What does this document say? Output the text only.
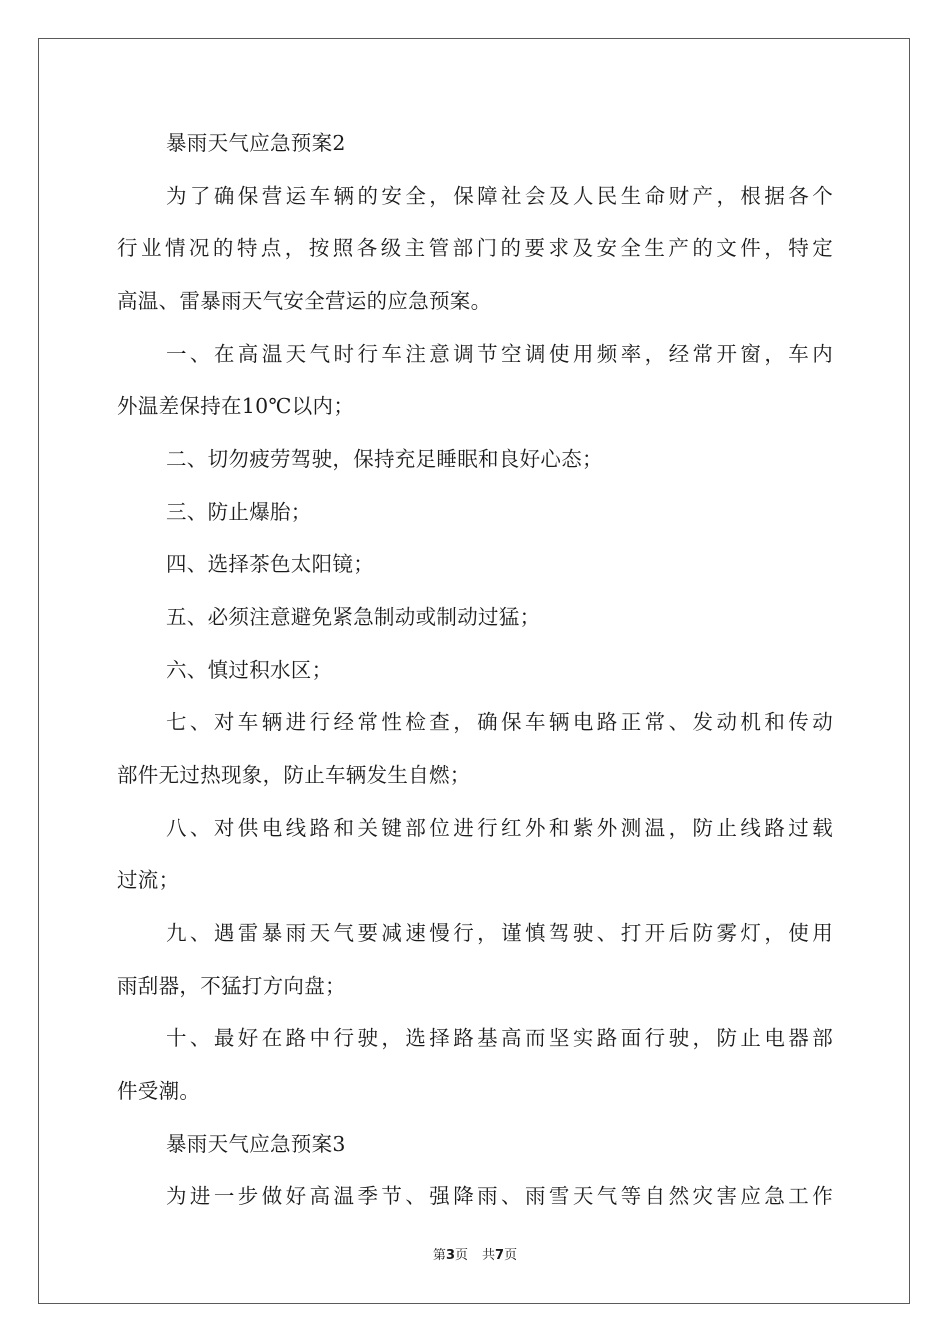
暴雨天气应急预案2
为了确保营运车辆的安全，保障社会及人民生命财产，根据各个
行业情况的特点，按照各级主管部门的要求及安全生产的文件，特定
高温、雷暴雨天气安全营运的应急预案。
一、在高温天气时行车注意调节空调使用频率，经常开窗，车内
外温差保持在10℃以内；
二、切勿疲劳驾驶，保持充足睡眠和良好心态；
三、防止爆胎；
四、选择茶色太阳镜；
五、必须注意避免紧急制动或制动过猛；
六、慎过积水区；
七、对车辆进行经常性检查，确保车辆电路正常、发动机和传动
部件无过热现象，防止车辆发生自燃；
八、对供电线路和关键部位进行红外和紫外测温，防止线路过载
过流；
九、遇雷暴雨天气要减速慢行，谨慎驾驶、打开后防雾灯，使用
雨刮器，不猛打方向盘；
十、最好在路中行驶，选择路基高而坚实路面行驶，防止电器部
件受潮。
暴雨天气应急预案3
为进一步做好高温季节、强降雨、雨雪天气等自然灾害应急工作
第3页 共7页
